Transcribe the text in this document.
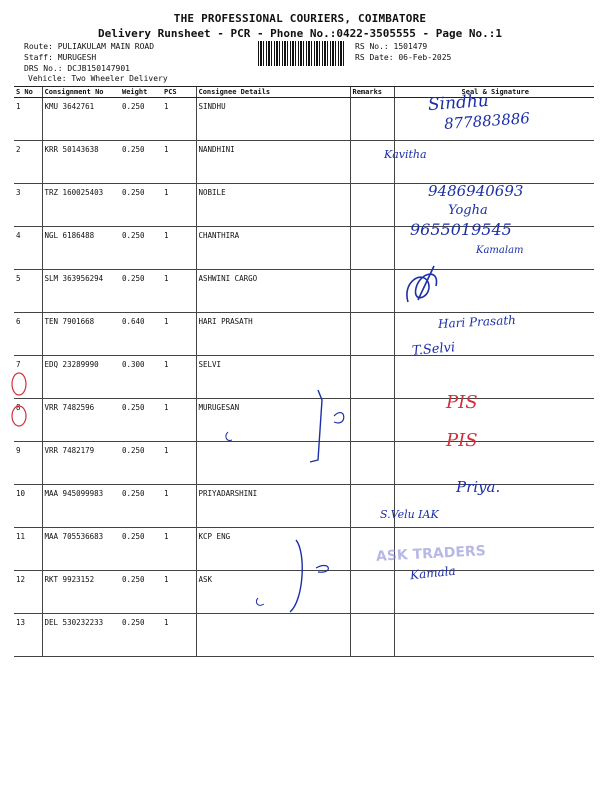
THE PROFESSIONAL COURIERS, COIMBATORE
Delivery Runsheet - PCR - Phone No.:0422-3505555 - Page No.:1
Route: PULIAKULAM MAIN ROAD
Staff: MURUGESH
DRS No.: DCJB150147901
Vehicle: Two Wheeler Delivery
RS No.: 1501479
RS Date: 06-Feb-2025
S No	Consignment No	Weight	PCS	Consignee Details	Remarks	Seal & Signature
1	KMU 3642761	0.250	1	SINDHU		
2	KRR 50143638	0.250	1	NANDHINI		
3	TRZ 160025403	0.250	1	NOBILE		
4	NGL 6186488	0.250	1	CHANTHIRA		
5	SLM 363956294	0.250	1	ASHWINI CARGO		
6	TEN 7901668	0.640	1	HARI PRASATH		
7	EDQ 23289990	0.300	1	SELVI		
8	VRR 7482596	0.250	1	MURUGESAN		
9	VRR 7482179	0.250	1			
10	MAA 945099983	0.250	1	PRIYADARSHINI		
11	MAA 705536683	0.250	1	KCP ENG		
12	RKT 9923152	0.250	1	ASK		
13	DEL 530232233	0.250	1			
Sindhu
877883886
Kavitha
9486940693
Yogha
9655019545
Kamalam
Hari Prasath
T.Selvi
PIS
PIS
Priya.
S.Velu IAK
ASK TRADERS
Kamala
